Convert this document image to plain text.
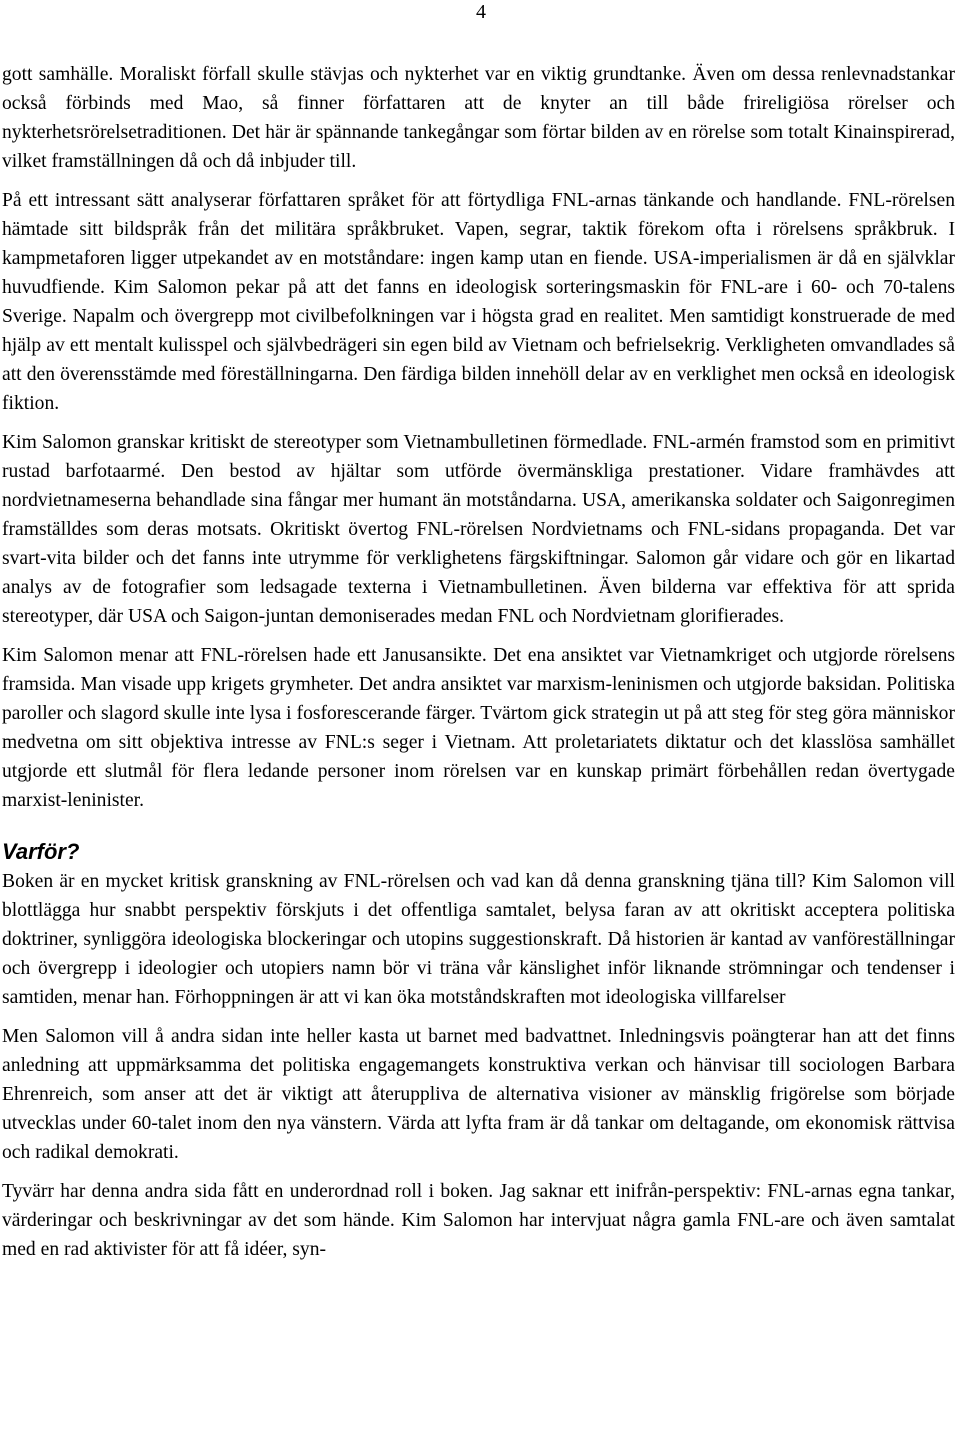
4

gott samhälle. Moraliskt förfall skulle stävjas och nykterhet var en viktig grundtanke. Även om dessa renlevnadstankar också förbinds med Mao, så finner författaren att de knyter an till både frireligiösa rörelser och nykterhetsrörelsetraditionen. Det här är spännande tankegångar som förtar bilden av en rörelse som totalt Kinainspirerad, vilket framställningen då och då inbjuder till.

På ett intressant sätt analyserar författaren språket för att förtydliga FNL-arnas tänkande och handlande. FNL-rörelsen hämtade sitt bildspråk från det militära språkbruket. Vapen, segrar, taktik förekom ofta i rörelsens språkbruk. I kampmetaforen ligger utpekandet av en motståndare: ingen kamp utan en fiende. USA-imperialismen är då en självklar huvudfiende. Kim Salomon pekar på att det fanns en ideologisk sorteringsmaskin för FNL-are i 60- och 70-talens Sverige. Napalm och övergrepp mot civilbefolkningen var i högsta grad en realitet. Men samtidigt konstruerade de med hjälp av ett mentalt kulisspel och självbedrägeri sin egen bild av Vietnam och befrielsekrig. Verkligheten omvandlades så att den överensstämde med föreställningarna. Den färdiga bilden innehöll delar av en verklighet men också en ideologisk fiktion.

Kim Salomon granskar kritiskt de stereotyper som Vietnambulletinen förmedlade. FNL-armén framstod som en primitivt rustad barfotaarmé. Den bestod av hjältar som utförde övermänskliga prestationer. Vidare framhävdes att nordvietnameserna behandlade sina fångar mer humant än motståndarna. USA, amerikanska soldater och Saigonregimen framställdes som deras motsats. Okritiskt övertog FNL-rörelsen Nordvietnams och FNL-sidans propaganda. Det var svart-vita bilder och det fanns inte utrymme för verklighetens färgskiftningar. Salomon går vidare och gör en likartad analys av de fotografier som ledsagade texterna i Vietnambulletinen. Även bilderna var effektiva för att sprida stereotyper, där USA och Saigon-juntan demoniserades medan FNL och Nordvietnam glorifierades.

Kim Salomon menar att FNL-rörelsen hade ett Janusansikte. Det ena ansiktet var Vietnamkriget och utgjorde rörelsens framsida. Man visade upp krigets grymheter. Det andra ansiktet var marxism-leninismen och utgjorde baksidan. Politiska paroller och slagord skulle inte lysa i fosforescerande färger. Tvärtom gick strategin ut på att steg för steg göra människor medvetna om sitt objektiva intresse av FNL:s seger i Vietnam. Att proletariatets diktatur och det klasslösa samhället utgjorde ett slutmål för flera ledande personer inom rörelsen var en kunskap primärt förbehållen redan övertygade marxist-leninister.

Varför?

Boken är en mycket kritisk granskning av FNL-rörelsen och vad kan då denna granskning tjäna till? Kim Salomon vill blottlägga hur snabbt perspektiv förskjuts i det offentliga samtalet, belysa faran av att okritiskt acceptera politiska doktriner, synliggöra ideologiska blockeringar och utopins suggestionskraft. Då historien är kantad av vanföreställningar och övergrepp i ideologier och utopiers namn bör vi träna vår känslighet inför liknande strömningar och tendenser i samtiden, menar han. Förhoppningen är att vi kan öka motståndskraften mot ideologiska villfarelser

Men Salomon vill å andra sidan inte heller kasta ut barnet med badvattnet. Inledningsvis poängterar han att det finns anledning att uppmärksamma det politiska engagemangets konstruktiva verkan och hänvisar till sociologen Barbara Ehrenreich, som anser att det är viktigt att återuppliva de alternativa visioner av mänsklig frigörelse som började utvecklas under 60-talet inom den nya vänstern. Värda att lyfta fram är då tankar om deltagande, om ekonomisk rättvisa och radikal demokrati.

Tyvärr har denna andra sida fått en underordnad roll i boken. Jag saknar ett inifrån-perspektiv: FNL-arnas egna tankar, värderingar och beskrivningar av det som hände. Kim Salomon har intervjuat några gamla FNL-are och även samtalat med en rad aktivister för att få idéer, syn-
